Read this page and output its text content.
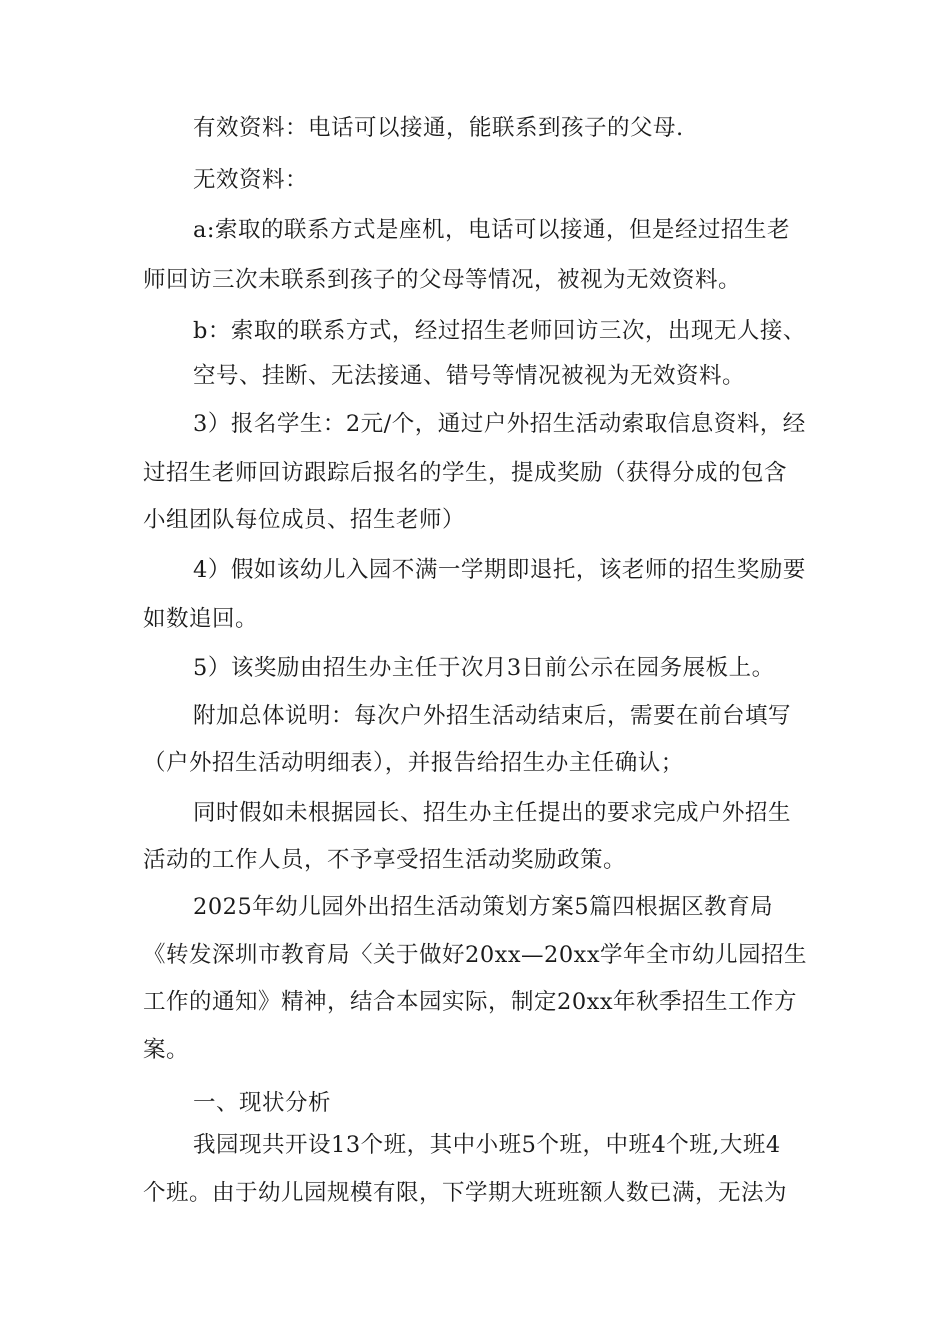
有效资料：电话可以接通，能联系到孩子的父母.
无效资料：
a:索取的联系方式是座机，电话可以接通，但是经过招生老
师回访三次未联系到孩子的父母等情况，被视为无效资料。
b：索取的联系方式，经过招生老师回访三次，出现无人接、
空号、挂断、无法接通、错号等情况被视为无效资料。
3）报名学生：2元/个，通过户外招生活动索取信息资料，经
过招生老师回访跟踪后报名的学生，提成奖励（获得分成的包含
小组团队每位成员、招生老师）
4）假如该幼儿入园不满一学期即退托，该老师的招生奖励要
如数追回。
5）该奖励由招生办主任于次月3日前公示在园务展板上。
附加总体说明：每次户外招生活动结束后，需要在前台填写
（户外招生活动明细表），并报告给招生办主任确认；
同时假如未根据园长、招生办主任提出的要求完成户外招生
活动的工作人员，不予享受招生活动奖励政策。
2025年幼儿园外出招生活动策划方案5篇四根据区教育局
《转发深圳市教育局〈关于做好20xx—20xx学年全市幼儿园招生
工作的通知》精神，结合本园实际，制定20xx年秋季招生工作方
案。
一、现状分析
我园现共开设13个班，其中小班5个班，中班4个班,大班4
个班。由于幼儿园规模有限，下学期大班班额人数已满，无法为
